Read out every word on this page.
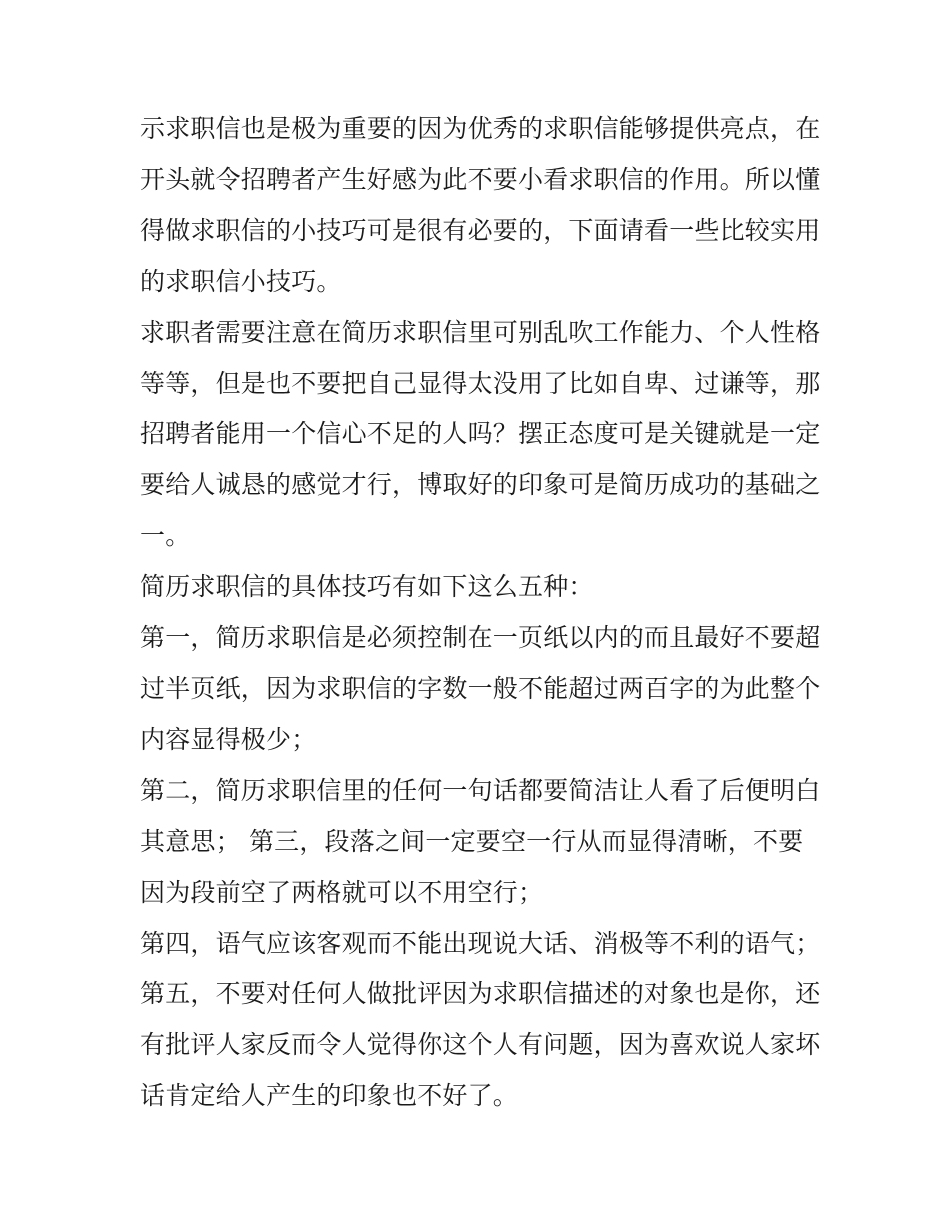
示求职信也是极为重要的因为优秀的求职信能够提供亮点，在
开头就令招聘者产生好感为此不要小看求职信的作用。所以懂
得做求职信的小技巧可是很有必要的，下面请看一些比较实用
的求职信小技巧。

求职者需要注意在简历求职信里可别乱吹工作能力、个人性格
等等，但是也不要把自己显得太没用了比如自卑、过谦等，那
招聘者能用一个信心不足的人吗？摆正态度可是关键就是一定
要给人诚恳的感觉才行，博取好的印象可是简历成功的基础之
一。

简历求职信的具体技巧有如下这么五种：

第一，简历求职信是必须控制在一页纸以内的而且最好不要超
过半页纸，因为求职信的字数一般不能超过两百字的为此整个
内容显得极少；

第二，简历求职信里的任何一句话都要简洁让人看了后便明白
其意思； 第三，段落之间一定要空一行从而显得清晰，不要
因为段前空了两格就可以不用空行；

第四，语气应该客观而不能出现说大话、消极等不利的语气；

第五，不要对任何人做批评因为求职信描述的对象也是你，还
有批评人家反而令人觉得你这个人有问题，因为喜欢说人家坏
话肯定给人产生的印象也不好了。
